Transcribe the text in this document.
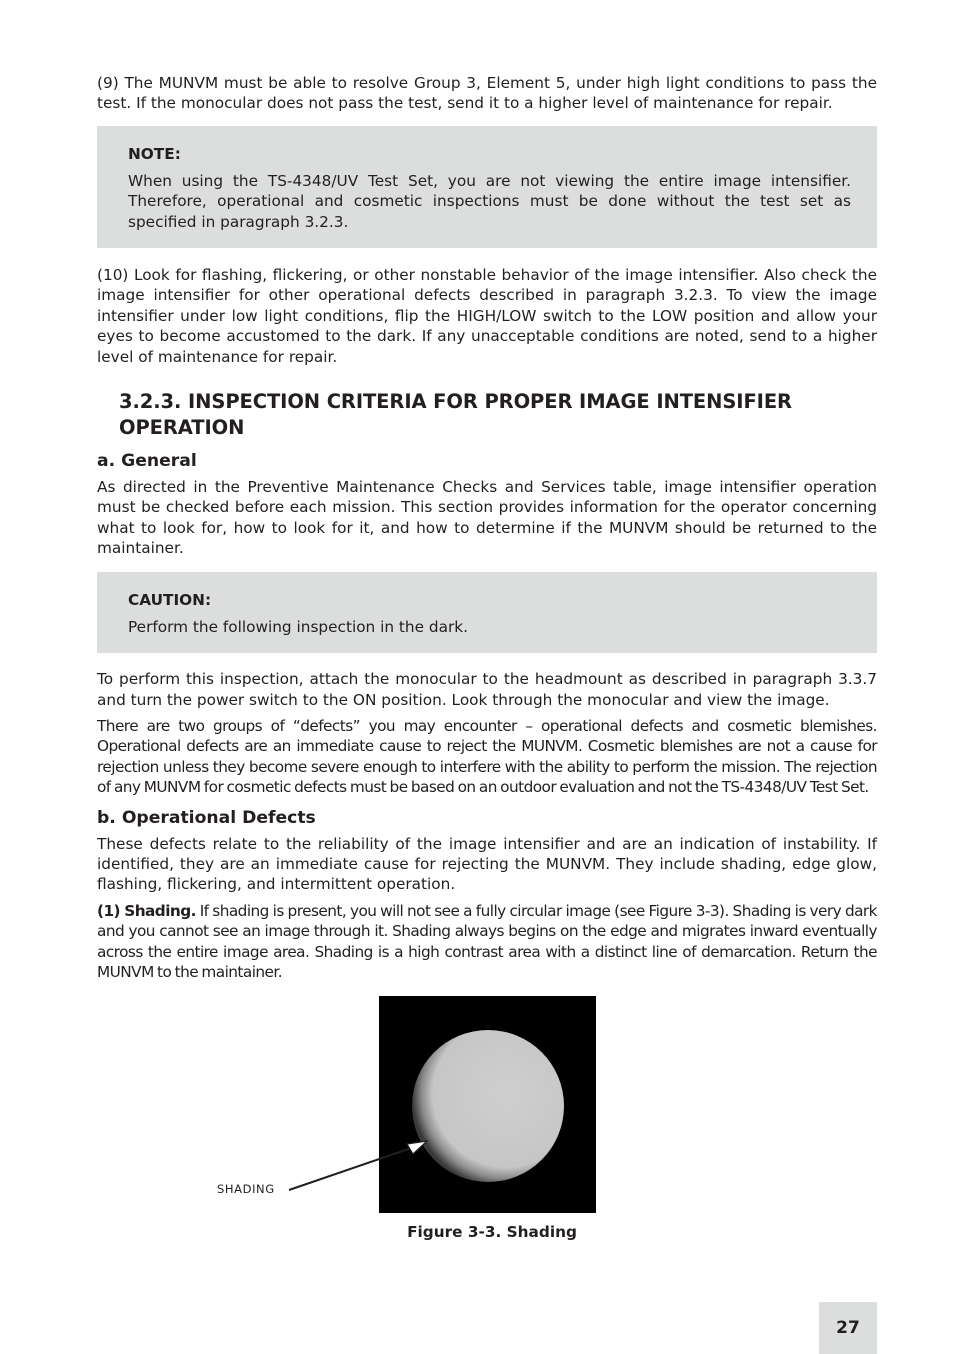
(9) The MUNVM must be able to resolve Group 3, Element 5, under high light conditions to pass the test. If the monocular does not pass the test, send it to a higher level of maintenance for repair.

NOTE:

When using the TS-4348/UV Test Set, you are not viewing the entire image intensifier. Therefore, operational and cosmetic inspections must be done without the test set as specified in paragraph 3.2.3.

(10) Look for flashing, flickering, or other nonstable behavior of the image intensifier. Also check the image intensifier for other operational defects described in paragraph 3.2.3. To view the image intensifier under low light conditions, flip the HIGH/LOW switch to the LOW position and allow your eyes to become accustomed to the dark. If any unacceptable conditions are noted, send to a higher level of maintenance for repair.

3.2.3. INSPECTION CRITERIA FOR PROPER IMAGE INTENSIFIER OPERATION
a. General

As directed in the Preventive Maintenance Checks and Services table, image intensifier operation must be checked before each mission. This section provides information for the operator concerning what to look for, how to look for it, and how to determine if the MUNVM should be returned to the maintainer.

CAUTION:

Perform the following inspection in the dark.

To perform this inspection, attach the monocular to the headmount as described in paragraph 3.3.7 and turn the power switch to the ON position. Look through the monocular and view the image.

There are two groups of “defects” you may encounter – operational defects and cosmetic blemishes. Operational defects are an immediate cause to reject the MUNVM. Cosmetic blemishes are not a cause for rejection unless they become severe enough to interfere with the ability to perform the mission. The rejection of any MUNVM for cosmetic defects must be based on an outdoor evaluation and not the TS-4348/UV Test Set.

b. Operational Defects

These defects relate to the reliability of the image intensifier and are an indication of instability. If identified, they are an immediate cause for rejecting the MUNVM. They include shading, edge glow, flashing, flickering, and intermittent operation.

(1) Shading. If shading is present, you will not see a fully circular image (see Figure 3-3). Shading is very dark and you cannot see an image through it. Shading always begins on the edge and migrates inward eventually across the entire image area. Shading is a high contrast area with a distinct line of demarcation. Return the MUNVM to the maintainer.

SHADING
Figure 3-3. Shading
27
